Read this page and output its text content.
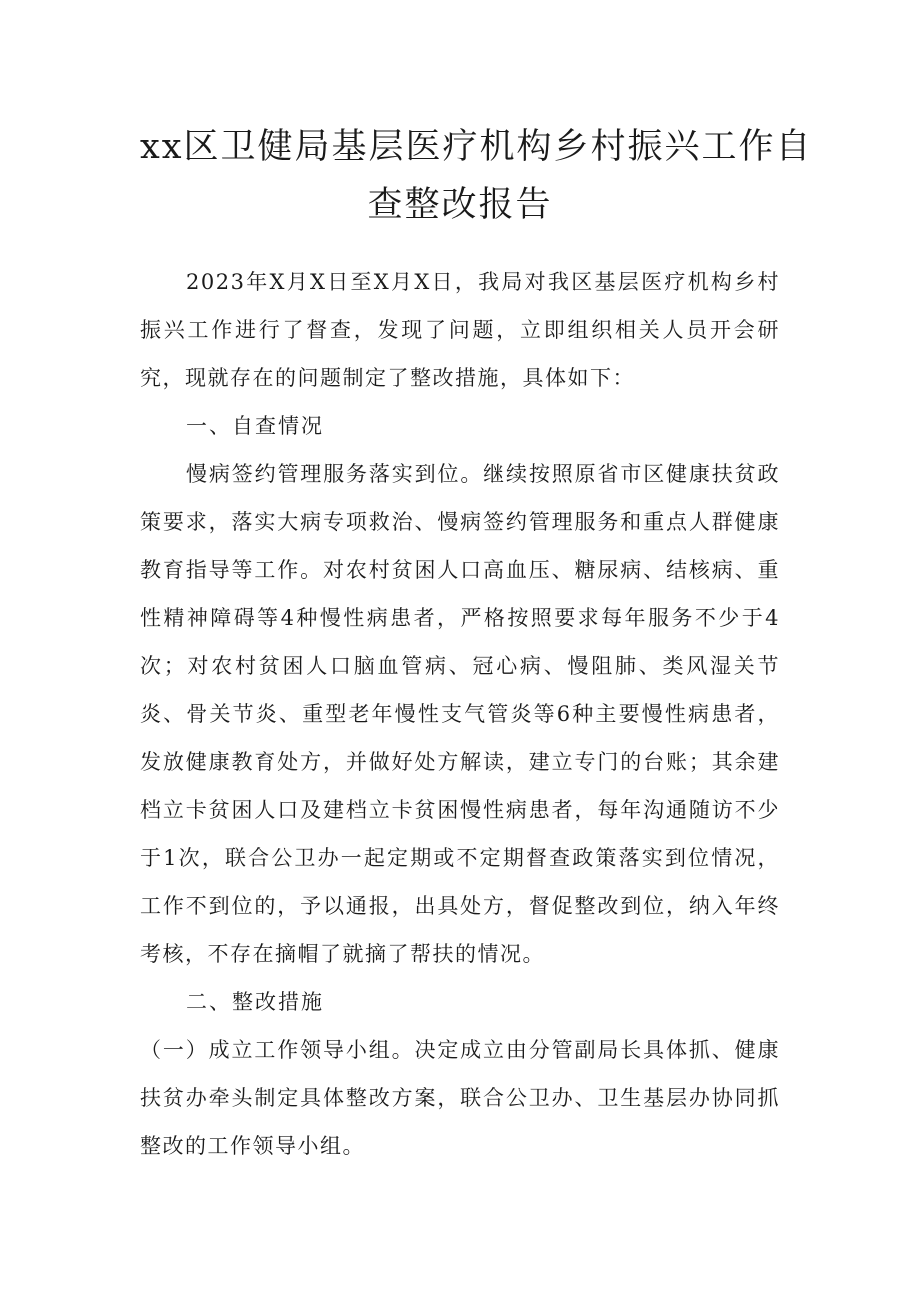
xx区卫健局基层医疗机构乡村振兴工作自
查整改报告

2023年X月X日至X月X日，我局对我区基层医疗机构乡村振兴工作进行了督查，发现了问题，立即组织相关人员开会研究，现就存在的问题制定了整改措施，具体如下：

一、自查情况

慢病签约管理服务落实到位。继续按照原省市区健康扶贫政策要求，落实大病专项救治、慢病签约管理服务和重点人群健康教育指导等工作。对农村贫困人口高血压、糖尿病、结核病、重性精神障碍等4种慢性病患者，严格按照要求每年服务不少于4次；对农村贫困人口脑血管病、冠心病、慢阻肺、类风湿关节炎、骨关节炎、重型老年慢性支气管炎等6种主要慢性病患者，发放健康教育处方，并做好处方解读，建立专门的台账；其余建档立卡贫困人口及建档立卡贫困慢性病患者，每年沟通随访不少于1次，联合公卫办一起定期或不定期督查政策落实到位情况，工作不到位的，予以通报，出具处方，督促整改到位，纳入年终考核，不存在摘帽了就摘了帮扶的情况。

二、整改措施

（一）成立工作领导小组。决定成立由分管副局长具体抓、健康扶贫办牵头制定具体整改方案，联合公卫办、卫生基层办协同抓整改的工作领导小组。
